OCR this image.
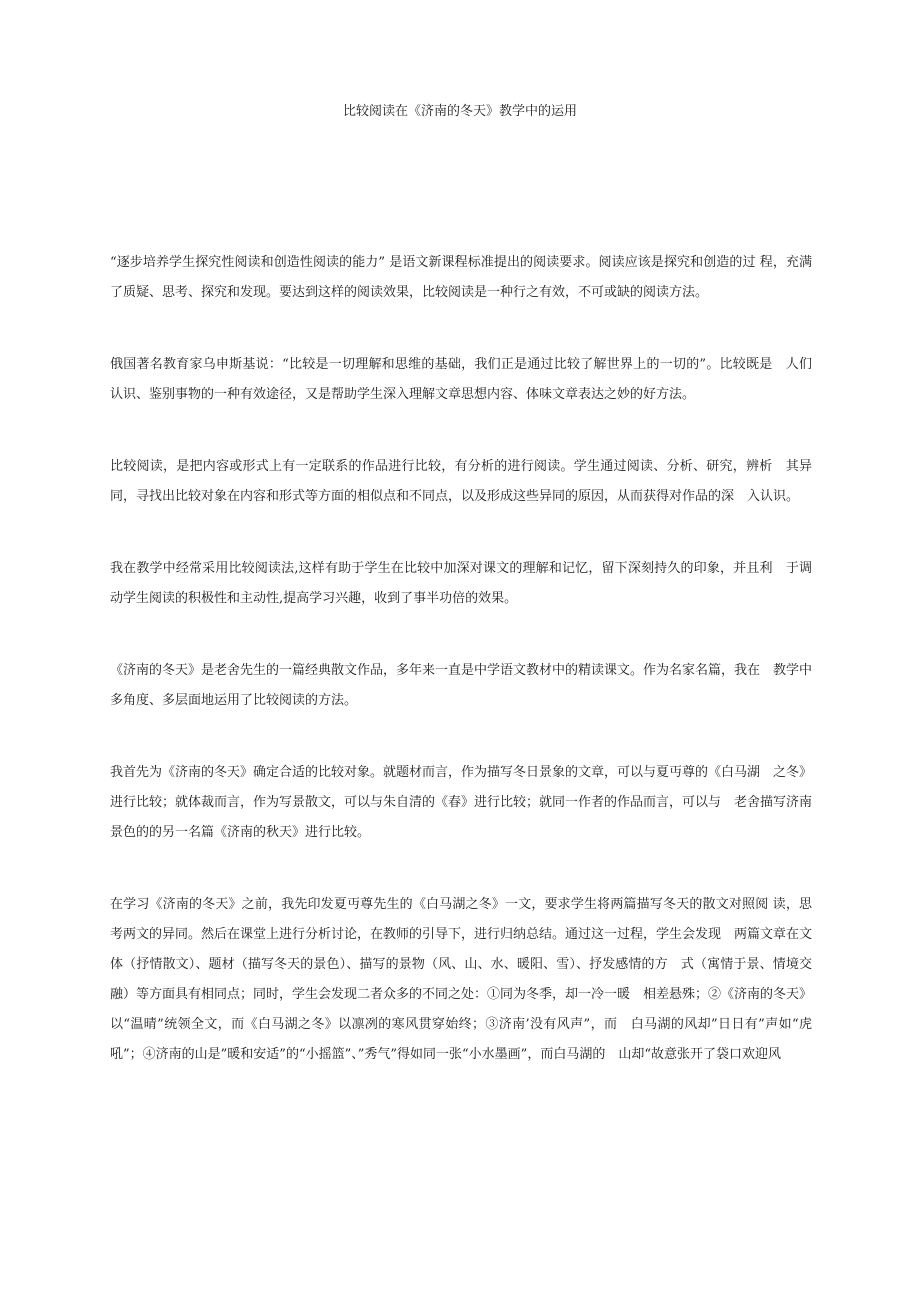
比较阅读在《济南的冬天》教学中的运用

“逐步培养学生探究性阅读和创造性阅读的能力” 是语文新课程标准提出的阅读要求。阅读应该是探究和创造的过 程，充满了质疑、思考、探究和发现。要达到这样的阅读效果，比较阅读是一种行之有效，不可或缺的阅读方法。

俄国著名教育家乌申斯基说：“比较是一切理解和思维的基础，我们正是通过比较了解世界上的一切的”。比较既是　人们认识、鉴别事物的一种有效途径，又是帮助学生深入理解文章思想内容、体味文章表达之妙的好方法。

比较阅读，是把内容或形式上有一定联系的作品进行比较，有分析的进行阅读。学生通过阅读、分析、研究，辨析　其异同，寻找出比较对象在内容和形式等方面的相似点和不同点，以及形成这些异同的原因，从而获得对作品的深　入认识。

我在教学中经常采用比较阅读法,这样有助于学生在比较中加深对课文的理解和记忆，留下深刻持久的印象，并且利　于调动学生阅读的积极性和主动性,提高学习兴趣，收到了事半功倍的效果。

《济南的冬天》是老舍先生的一篇经典散文作品，多年来一直是中学语文教材中的精读课文。作为名家名篇，我在　教学中多角度、多层面地运用了比较阅读的方法。

我首先为《济南的冬天》确定合适的比较对象。就题材而言，作为描写冬日景象的文章，可以与夏丏尊的《白马湖　之冬》进行比较；就体裁而言，作为写景散文，可以与朱自清的《春》进行比较；就同一作者的作品而言，可以与　老舍描写济南景色的的另一名篇《济南的秋天》进行比较。

在学习《济南的冬天》之前，我先印发夏丏尊先生的《白马湖之冬》一文，要求学生将两篇描写冬天的散文对照阅 读，思考两文的异同。然后在课堂上进行分析讨论，在教师的引导下，进行归纳总结。通过这一过程，学生会发现　两篇文章在文体（抒情散文）、题材（描写冬天的景色）、描写的景物（风、山、水、暖阳、雪）、抒发感情的方　式（寓情于景、情境交融）等方面具有相同点；同时，学生会发现二者众多的不同之处：①同为冬季，却一冷一暖　相差悬殊；②《济南的冬天》以“温晴”统领全文，而《白马湖之冬》以凛冽的寒风贯穿始终；③济南’没有风声”，而　白马湖的风却”日日有”声如“虎吼”；④济南的山是”暖和安适”的“小摇篮”、”秀气”得如同一张“小水墨画”，而白马湖的　山却“故意张开了袋口欢迎风
